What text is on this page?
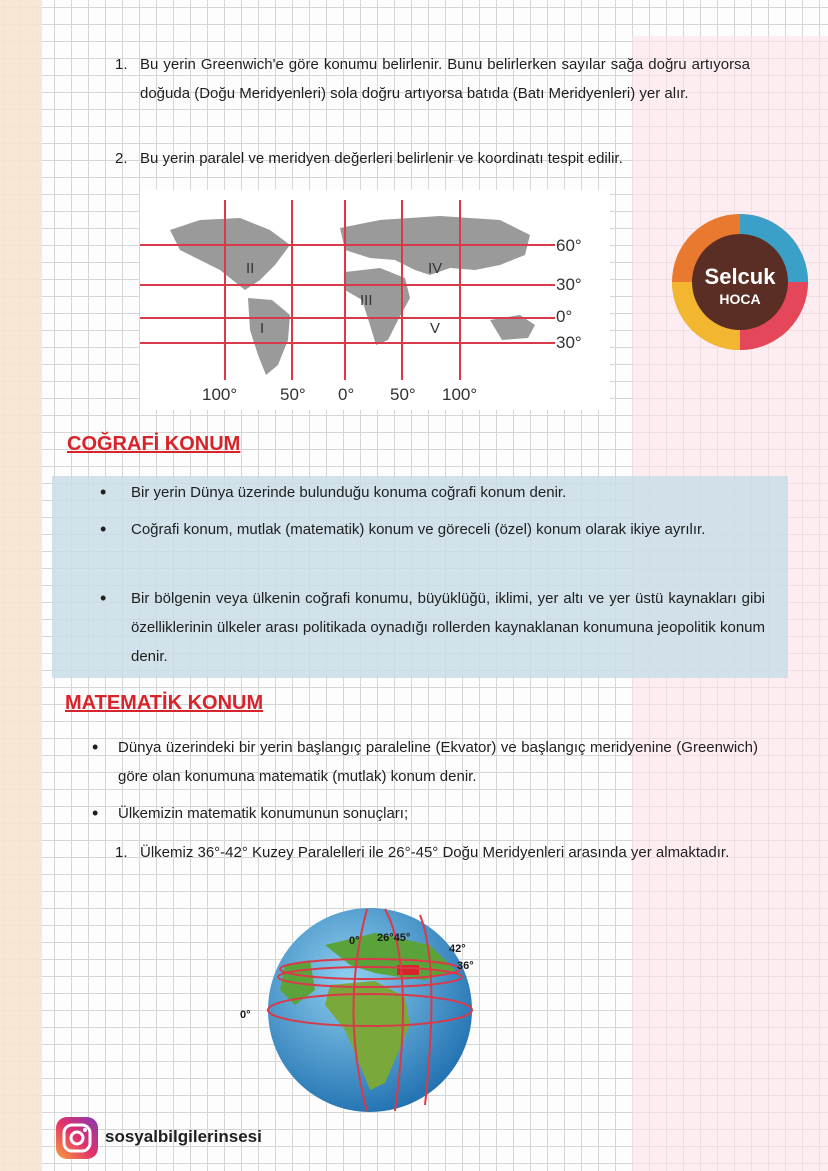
1. Bu yerin Greenwich'e göre konumu belirlenir. Bunu belirlerken sayılar sağa doğru artıyorsa doğuda (Doğu Meridyenleri) sola doğru artıyorsa batıda (Batı Meridyenleri) yer alır.
2. Bu yerin paralel ve meridyen değerleri belirlenir ve koordinatı tespit edilir.
II	IV
III
I	V
60°
30°
0°
30°
100°	50° 0° 50° 100°
Selcuk
HOCA
COĞRAFİ KONUM
• Bir yerin Dünya üzerinde bulunduğu konuma coğrafi konum denir.
• Coğrafi konum, mutlak (matematik) konum ve göreceli (özel) konum olarak ikiye ayrılır.
• Bir bölgenin veya ülkenin coğrafi konumu, büyüklüğü, iklimi, yer altı ve yer üstü kaynakları gibi özelliklerinin ülkeler arası politikada oynadığı rollerden kaynaklanan konumuna jeopolitik konum denir.
MATEMATİK KONUM
• Dünya üzerindeki bir yerin başlangıç paraleline (Ekvator) ve başlangıç meridyenine (Greenwich) göre olan konumuna matematik (mutlak) konum denir.
• Ülkemizin matematik konumunun sonuçları;
1. Ülkemiz 36°-42° Kuzey Paralelleri ile 26°-45° Doğu Meridyenleri arasında yer almaktadır.
0° 26°45°
42°
36°
0°
sosyalbilgilerinsesi
